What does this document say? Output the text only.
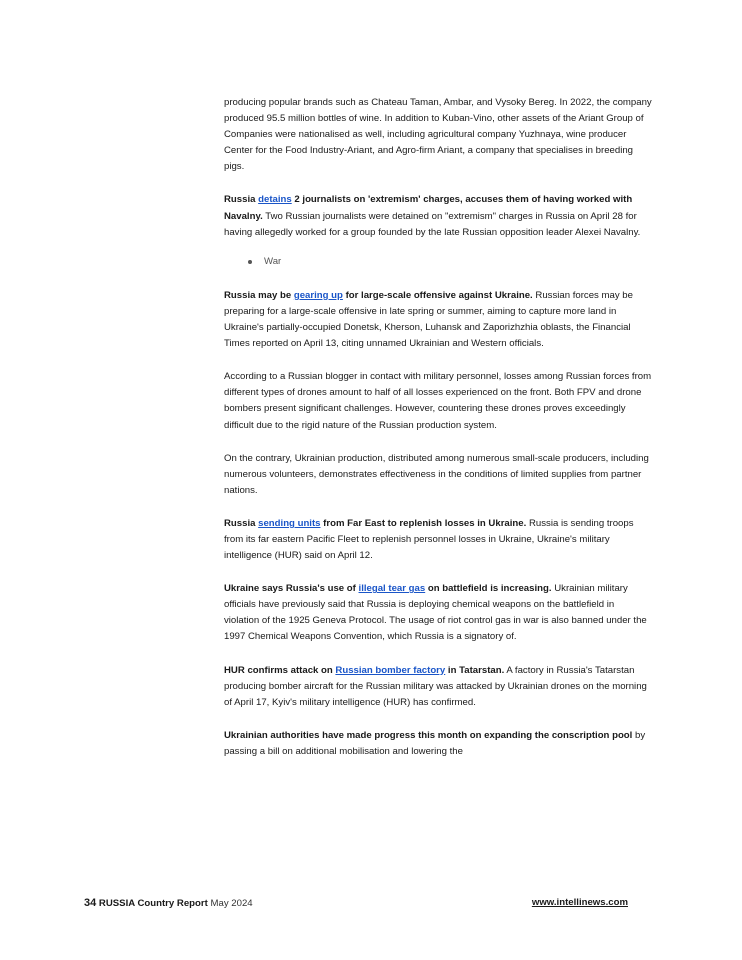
producing popular brands such as Chateau Taman, Ambar, and Vysoky Bereg. In 2022, the company produced 95.5 million bottles of wine. In addition to Kuban-Vino, other assets of the Ariant Group of Companies were nationalised as well, including agricultural company Yuzhnaya, wine producer Center for the Food Industry-Ariant, and Agro-firm Ariant, a company that specialises in breeding pigs.

Russia detains 2 journalists on 'extremism' charges, accuses them of having worked with Navalny. Two Russian journalists were detained on "extremism" charges in Russia on April 28 for having allegedly worked for a group founded by the late Russian opposition leader Alexei Navalny.

War

Russia may be gearing up for large-scale offensive against Ukraine. Russian forces may be preparing for a large-scale offensive in late spring or summer, aiming to capture more land in Ukraine's partially-occupied Donetsk, Kherson, Luhansk and Zaporizhzhia oblasts, the Financial Times reported on April 13, citing unnamed Ukrainian and Western officials.

According to a Russian blogger in contact with military personnel, losses among Russian forces from different types of drones amount to half of all losses experienced on the front. Both FPV and drone bombers present significant challenges. However, countering these drones proves exceedingly difficult due to the rigid nature of the Russian production system.

On the contrary, Ukrainian production, distributed among numerous small-scale producers, including numerous volunteers, demonstrates effectiveness in the conditions of limited supplies from partner nations.

Russia sending units from Far East to replenish losses in Ukraine. Russia is sending troops from its far eastern Pacific Fleet to replenish personnel losses in Ukraine, Ukraine's military intelligence (HUR) said on April 12.

Ukraine says Russia's use of illegal tear gas on battlefield is increasing. Ukrainian military officials have previously said that Russia is deploying chemical weapons on the battlefield in violation of the 1925 Geneva Protocol. The usage of riot control gas in war is also banned under the 1997 Chemical Weapons Convention, which Russia is a signatory of.

HUR confirms attack on Russian bomber factory in Tatarstan. A factory in Russia's Tatarstan producing bomber aircraft for the Russian military was attacked by Ukrainian drones on the morning of April 17, Kyiv's military intelligence (HUR) has confirmed.

Ukrainian authorities have made progress this month on expanding the conscription pool by passing a bill on additional mobilisation and lowering the

34 RUSSIA Country Report May 2024	www.intellinews.com
